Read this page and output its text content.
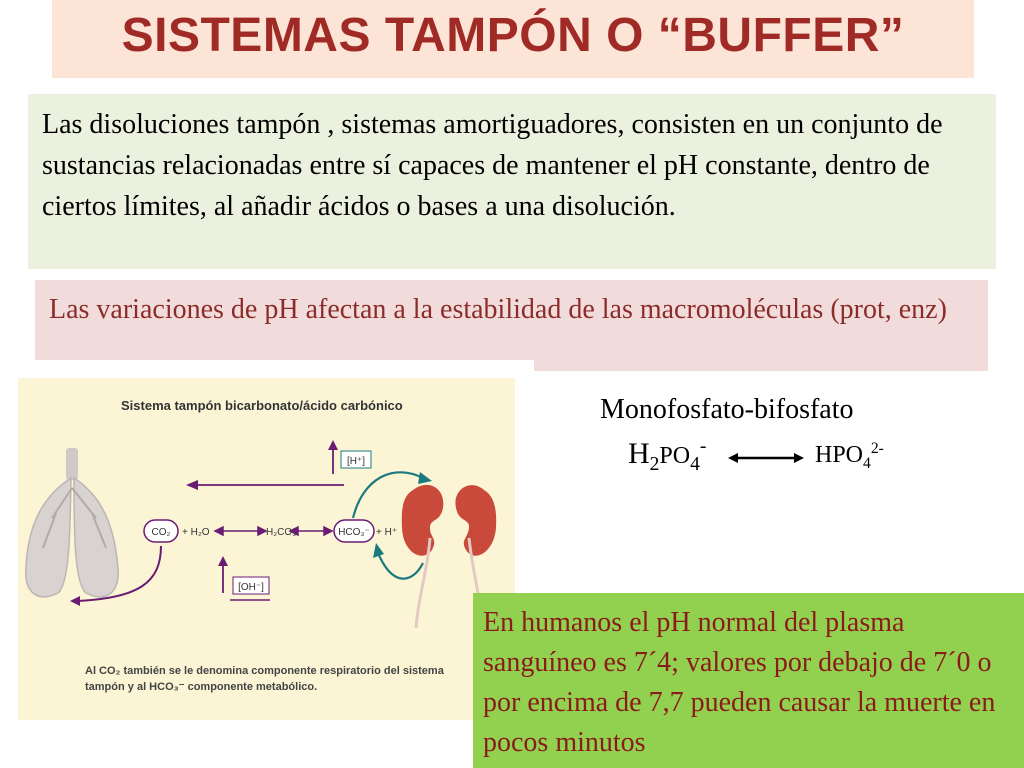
SISTEMAS TAMPÓN O “BUFFER”
Las disoluciones tampón , sistemas amortiguadores, consisten en un conjunto de sustancias relacionadas entre sí capaces de mantener el pH constante, dentro de ciertos límites, al añadir ácidos o bases a una disolución.
Las variaciones de pH afectan a la estabilidad de las macromoléculas (prot, enz)
CO₂ + H₂O	H₂CO₃	HCO₃⁻ + H⁺
[H⁺]
[OH⁻]
Sistema tampón bicarbonato/ácido carbónico
Al CO₂ también se le denomina componente respiratorio del sistema tampón y al HCO₃⁻ componente metabólico.
Monofosfato-bifosfato
$H_2PO_4^-$	$HPO_4^{2-}$
En humanos el pH normal del plasma sanguíneo es 7´4; valores por debajo de 7´0 o por encima de 7,7 pueden causar la muerte en pocos minutos
